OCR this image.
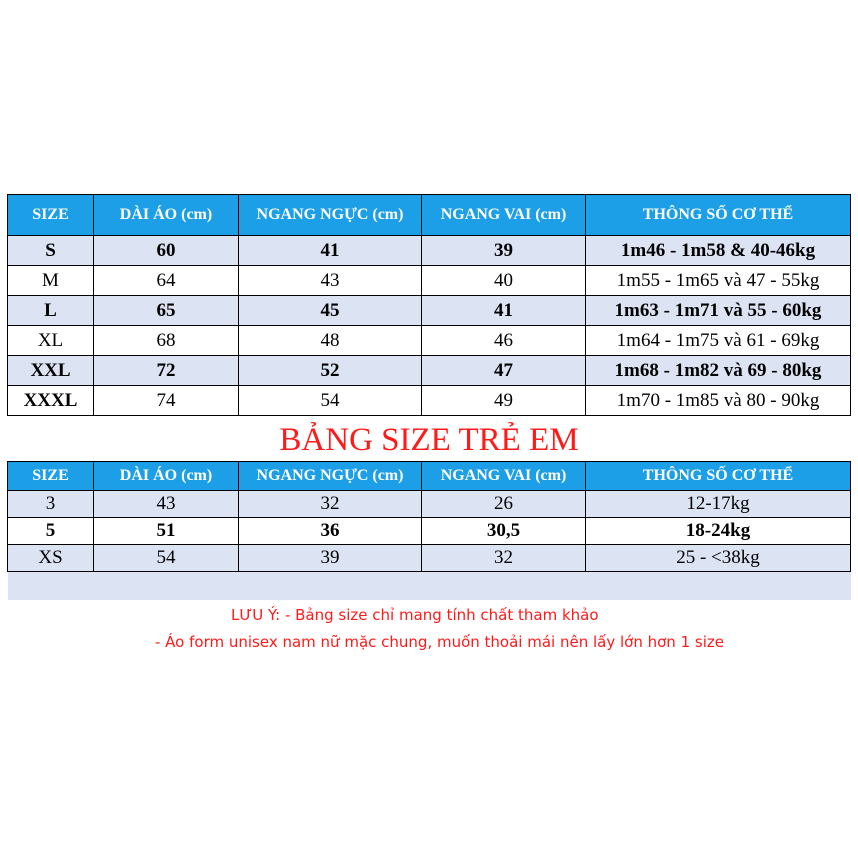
SIZE	DÀI ÁO (cm)	NGANG NGỰC (cm)	NGANG VAI (cm)	THÔNG SỐ CƠ THỂ
S	60	41	39	1m46 - 1m58 & 40-46kg
M	64	43	40	1m55 - 1m65 và 47 - 55kg
L	65	45	41	1m63 - 1m71 và 55 - 60kg
XL	68	48	46	1m64 - 1m75 và 61 - 69kg
XXL	72	52	47	1m68 - 1m82 và 69 - 80kg
XXXL	74	54	49	1m70 - 1m85 và 80 - 90kg
BẢNG SIZE TRẺ EM
SIZE	DÀI ÁO (cm)	NGANG NGỰC (cm)	NGANG VAI (cm)	THÔNG SỐ CƠ THỂ
3	43	32	26	12-17kg
5	51	36	30,5	18-24kg
XS	54	39	32	25 - <38kg

LƯU Ý: - Bảng size chỉ mang tính chất tham khảo
- Áo form unisex nam nữ mặc chung, muốn thoải mái nên lấy lớn hơn 1 size
